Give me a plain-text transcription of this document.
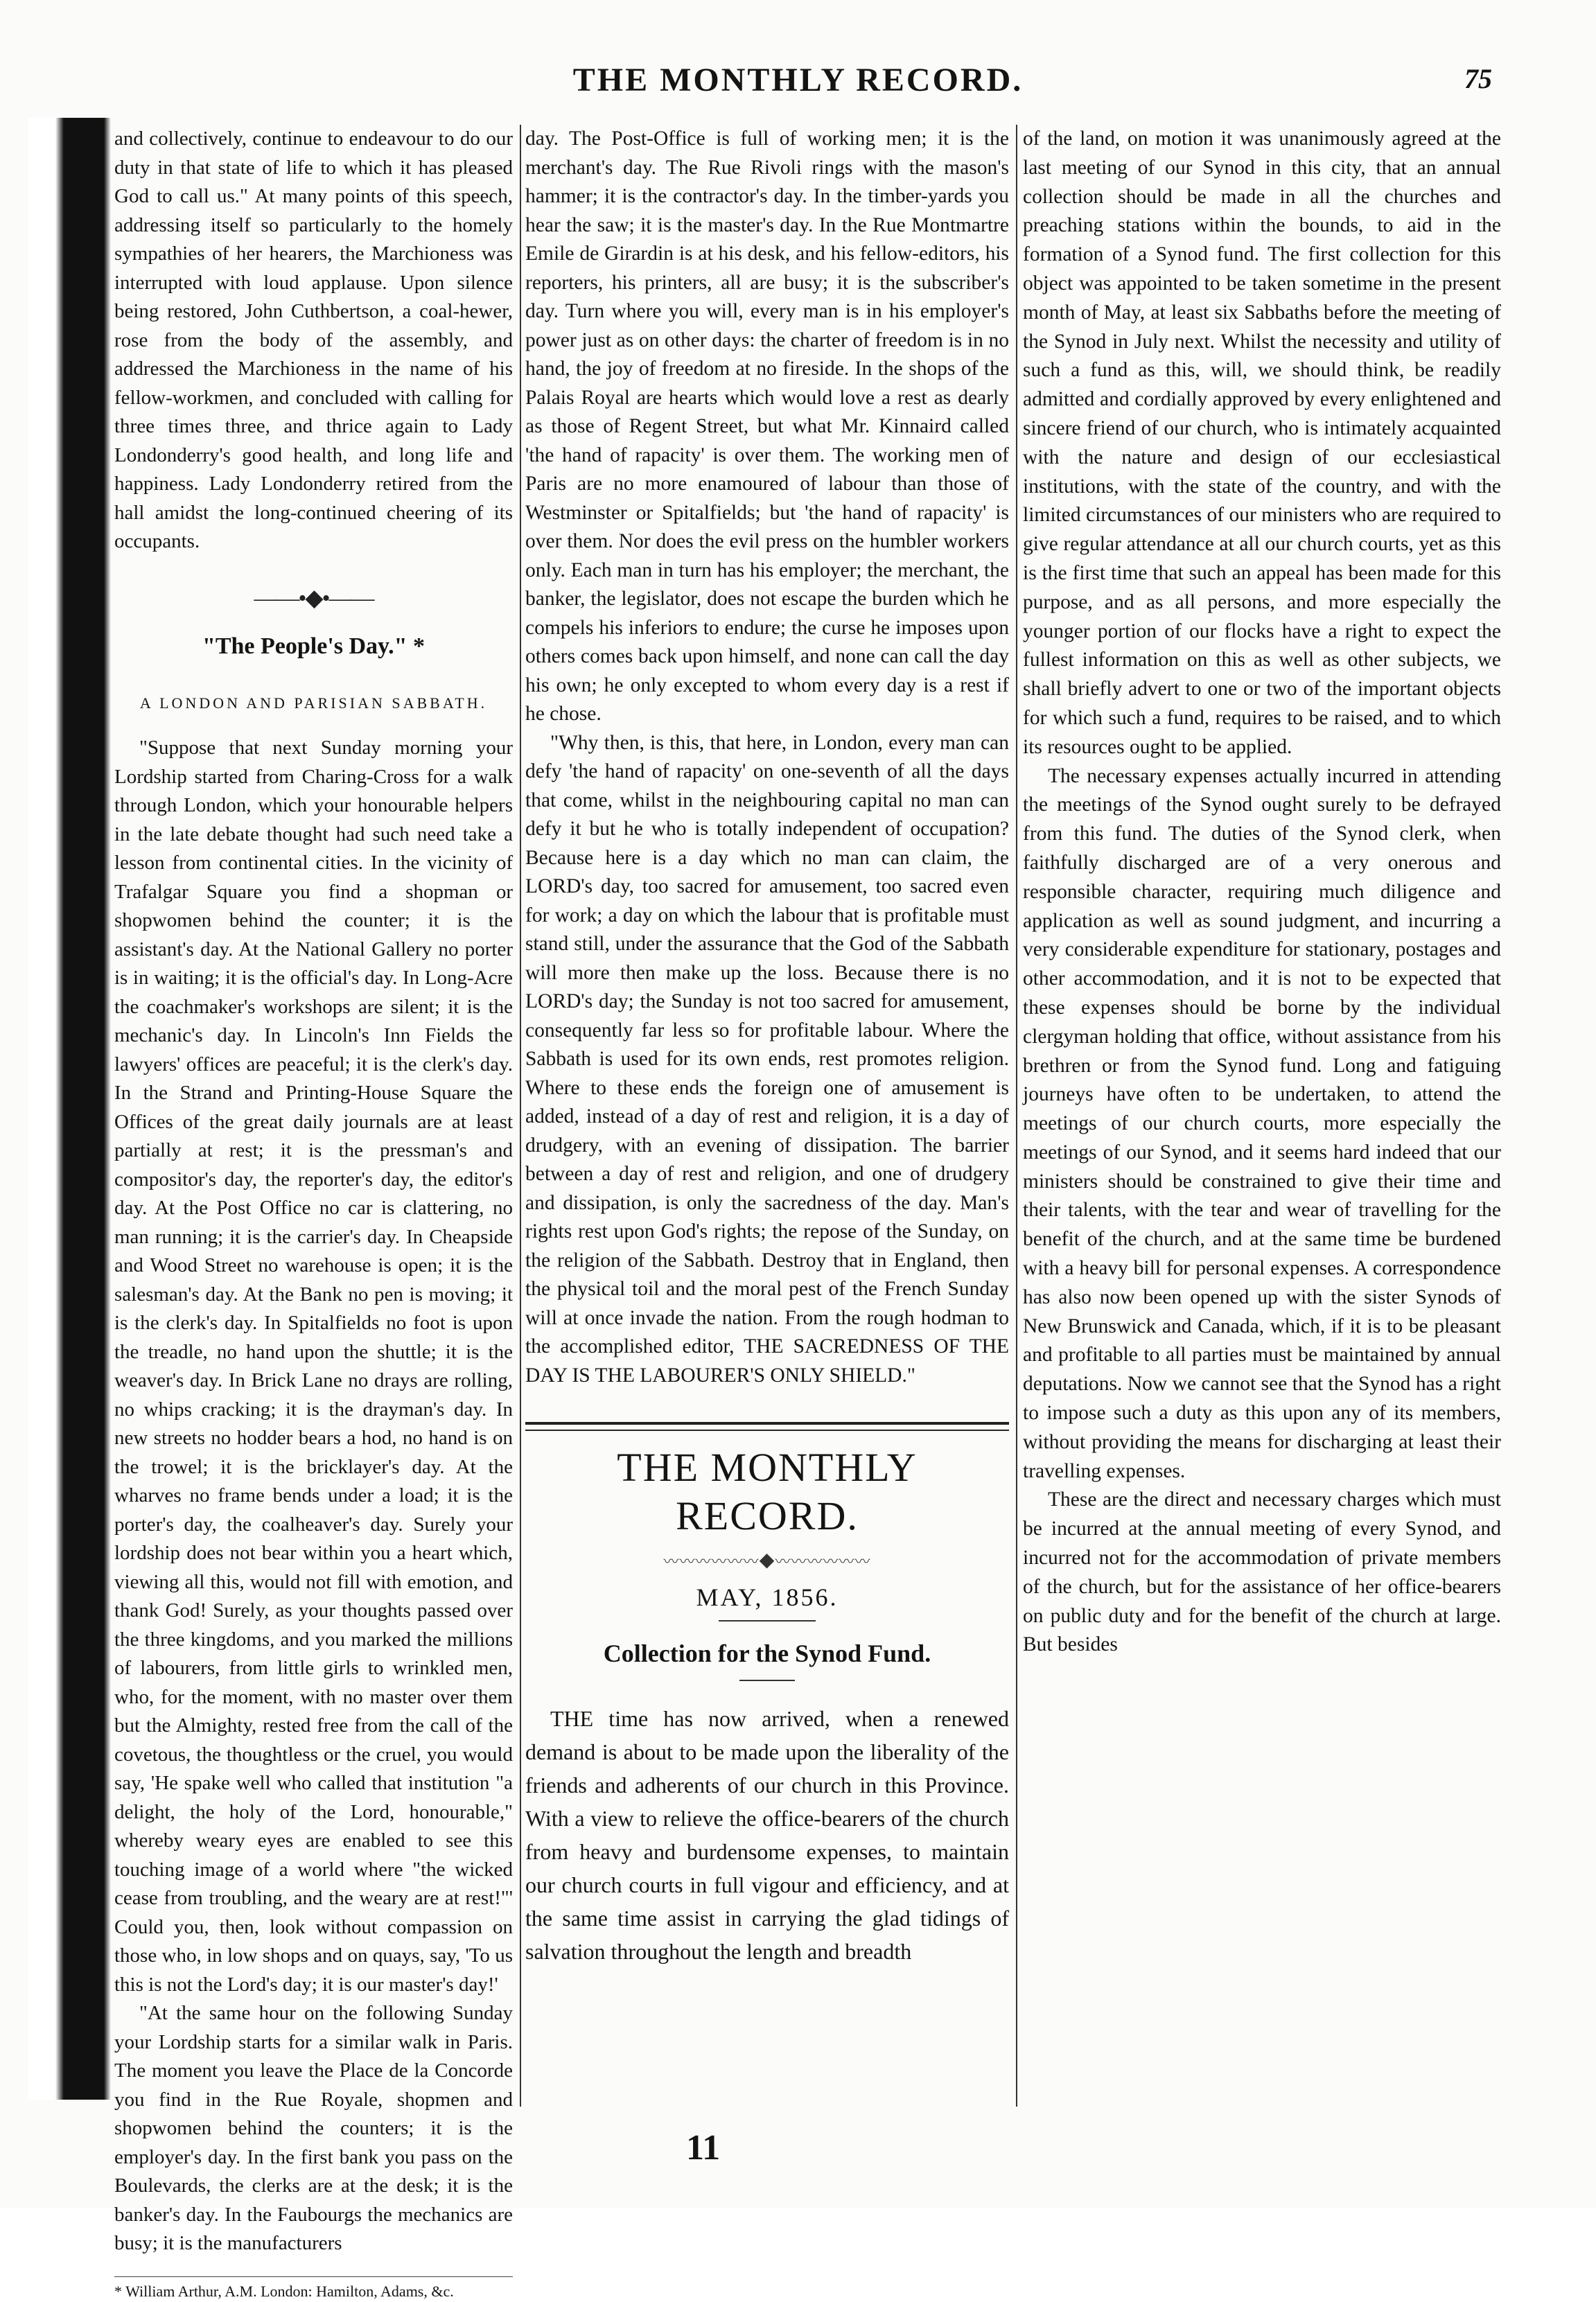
THE MONTHLY RECORD.	75

and collectively, continue to endeavour to do our duty in that state of life to which it has pleased God to call us." At many points of this speech, addressing itself so particularly to the homely sympathies of her hearers, the Marchioness was interrupted with loud applause. Upon silence being restored, John Cuthbertson, a coal-hewer, rose from the body of the assembly, and addressed the Marchioness in the name of his fellow-workmen, and concluded with calling for three times three, and thrice again to Lady Londonderry's good health, and long life and happiness. Lady Londonderry retired from the hall amidst the long-continued cheering of its occupants.

——•◆•——
"The People's Day." *
A LONDON AND PARISIAN SABBATH.

"Suppose that next Sunday morning your Lordship started from Charing-Cross for a walk through London, which your honourable helpers in the late debate thought had such need take a lesson from continental cities. In the vicinity of Trafalgar Square you find a shopman or shopwomen behind the counter; it is the assistant's day. At the National Gallery no porter is in waiting; it is the official's day. In Long-Acre the coachmaker's workshops are silent; it is the mechanic's day. In Lincoln's Inn Fields the lawyers' offices are peaceful; it is the clerk's day. In the Strand and Printing-House Square the Offices of the great daily journals are at least partially at rest; it is the pressman's and compositor's day, the reporter's day, the editor's day. At the Post Office no car is clattering, no man running; it is the carrier's day. In Cheapside and Wood Street no warehouse is open; it is the salesman's day. At the Bank no pen is moving; it is the clerk's day. In Spitalfields no foot is upon the treadle, no hand upon the shuttle; it is the weaver's day. In Brick Lane no drays are rolling, no whips cracking; it is the drayman's day. In new streets no hodder bears a hod, no hand is on the trowel; it is the bricklayer's day. At the wharves no frame bends under a load; it is the porter's day, the coalheaver's day. Surely your lordship does not bear within you a heart which, viewing all this, would not fill with emotion, and thank God! Surely, as your thoughts passed over the three kingdoms, and you marked the millions of labourers, from little girls to wrinkled men, who, for the moment, with no master over them but the Almighty, rested free from the call of the covetous, the thoughtless or the cruel, you would say, 'He spake well who called that institution "a delight, the holy of the Lord, honourable," whereby weary eyes are enabled to see this touching image of a world where "the wicked cease from troubling, and the weary are at rest!"' Could you, then, look without compassion on those who, in low shops and on quays, say, 'To us this is not the Lord's day; it is our master's day!'

"At the same hour on the following Sunday your Lordship starts for a similar walk in Paris. The moment you leave the Place de la Concorde you find in the Rue Royale, shopmen and shopwomen behind the counters; it is the employer's day. In the first bank you pass on the Boulevards, the clerks are at the desk; it is the banker's day. In the Faubourgs the mechanics are busy; it is the manufacturers

* William Arthur, A.M. London: Hamilton, Adams, &c.

day. The Post-Office is full of working men; it is the merchant's day. The Rue Rivoli rings with the mason's hammer; it is the contractor's day. In the timber-yards you hear the saw; it is the master's day. In the Rue Montmartre Emile de Girardin is at his desk, and his fellow-editors, his reporters, his printers, all are busy; it is the subscriber's day. Turn where you will, every man is in his employer's power just as on other days: the charter of freedom is in no hand, the joy of freedom at no fireside. In the shops of the Palais Royal are hearts which would love a rest as dearly as those of Regent Street, but what Mr. Kinnaird called 'the hand of rapacity' is over them. The working men of Paris are no more enamoured of labour than those of Westminster or Spitalfields; but 'the hand of rapacity' is over them. Nor does the evil press on the humbler workers only. Each man in turn has his employer; the merchant, the banker, the legislator, does not escape the burden which he compels his inferiors to endure; the curse he imposes upon others comes back upon himself, and none can call the day his own; he only excepted to whom every day is a rest if he chose.

"Why then, is this, that here, in London, every man can defy 'the hand of rapacity' on one-seventh of all the days that come, whilst in the neighbouring capital no man can defy it but he who is totally independent of occupation? Because here is a day which no man can claim, the LORD's day, too sacred for amusement, too sacred even for work; a day on which the labour that is profitable must stand still, under the assurance that the God of the Sabbath will more then make up the loss. Because there is no LORD's day; the Sunday is not too sacred for amusement, consequently far less so for profitable labour. Where the Sabbath is used for its own ends, rest promotes religion. Where to these ends the foreign one of amusement is added, instead of a day of rest and religion, it is a day of drudgery, with an evening of dissipation. The barrier between a day of rest and religion, and one of drudgery and dissipation, is only the sacredness of the day. Man's rights rest upon God's rights; the repose of the Sunday, on the religion of the Sabbath. Destroy that in England, then the physical toil and the moral pest of the French Sunday will at once invade the nation. From the rough hodman to the accomplished editor, THE SACREDNESS OF THE DAY IS THE LABOURER'S ONLY SHIELD."

THE MONTHLY RECORD.
〰〰〰〰〰〰◆〰〰〰〰〰〰
MAY, 1856.
Collection for the Synod Fund.

THE time has now arrived, when a renewed demand is about to be made upon the liberality of the friends and adherents of our church in this Province. With a view to relieve the office-bearers of the church from heavy and burdensome expenses, to maintain our church courts in full vigour and efficiency, and at the same time assist in carrying the glad tidings of salvation throughout the length and breadth

of the land, on motion it was unanimously agreed at the last meeting of our Synod in this city, that an annual collection should be made in all the churches and preaching stations within the bounds, to aid in the formation of a Synod fund. The first collection for this object was appointed to be taken sometime in the present month of May, at least six Sabbaths before the meeting of the Synod in July next. Whilst the necessity and utility of such a fund as this, will, we should think, be readily admitted and cordially approved by every enlightened and sincere friend of our church, who is intimately acquainted with the nature and design of our ecclesiastical institutions, with the state of the country, and with the limited circumstances of our ministers who are required to give regular attendance at all our church courts, yet as this is the first time that such an appeal has been made for this purpose, and as all persons, and more especially the younger portion of our flocks have a right to expect the fullest information on this as well as other subjects, we shall briefly advert to one or two of the important objects for which such a fund, requires to be raised, and to which its resources ought to be applied.

The necessary expenses actually incurred in attending the meetings of the Synod ought surely to be defrayed from this fund. The duties of the Synod clerk, when faithfully discharged are of a very onerous and responsible character, requiring much diligence and application as well as sound judgment, and incurring a very considerable expenditure for stationary, postages and other accommodation, and it is not to be expected that these expenses should be borne by the individual clergyman holding that office, without assistance from his brethren or from the Synod fund. Long and fatiguing journeys have often to be undertaken, to attend the meetings of our church courts, more especially the meetings of our Synod, and it seems hard indeed that our ministers should be constrained to give their time and their talents, with the tear and wear of travelling for the benefit of the church, and at the same time be burdened with a heavy bill for personal expenses. A correspondence has also now been opened up with the sister Synods of New Brunswick and Canada, which, if it is to be pleasant and profitable to all parties must be maintained by annual deputations. Now we cannot see that the Synod has a right to impose such a duty as this upon any of its members, without providing the means for discharging at least their travelling expenses.

These are the direct and necessary charges which must be incurred at the annual meeting of every Synod, and incurred not for the accommodation of private members of the church, but for the assistance of her office-bearers on public duty and for the benefit of the church at large. But besides

11
